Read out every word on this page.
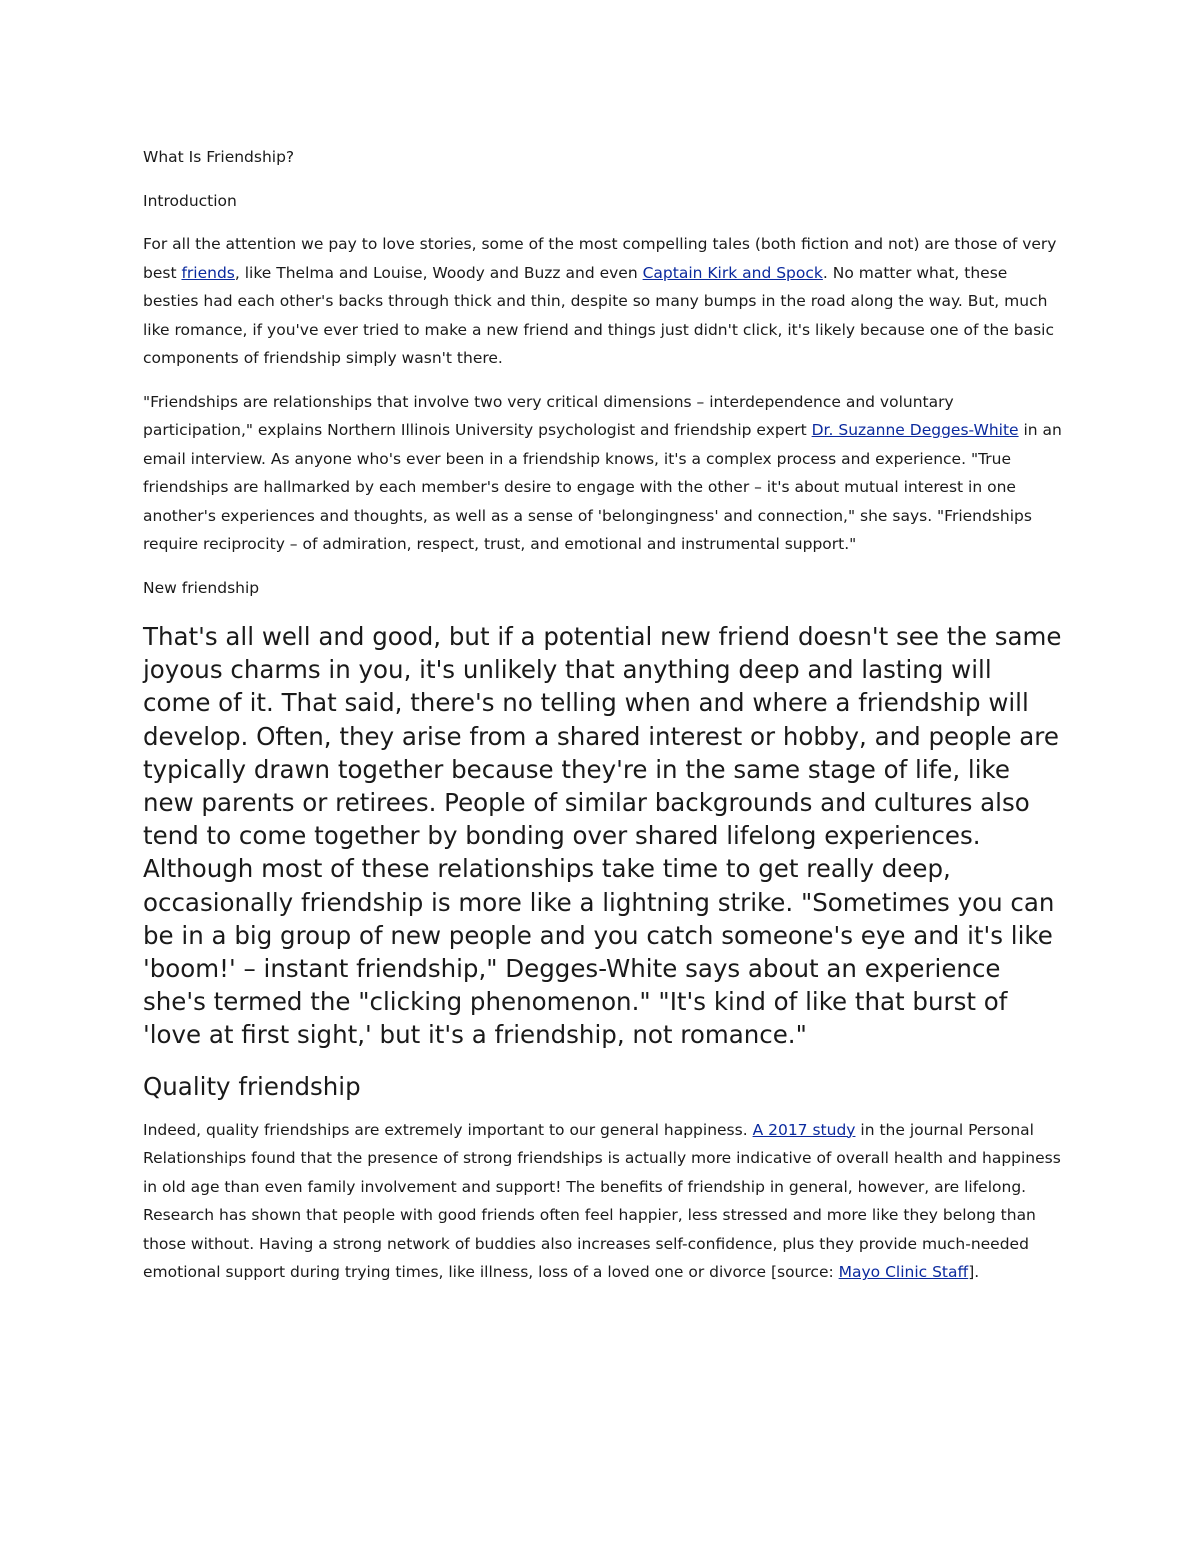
What Is Friendship?

Introduction

For all the attention we pay to love stories, some of the most compelling tales (both fiction and not) are those of very best friends, like Thelma and Louise, Woody and Buzz and even Captain Kirk and Spock. No matter what, these besties had each other's backs through thick and thin, despite so many bumps in the road along the way. But, much like romance, if you've ever tried to make a new friend and things just didn't click, it's likely because one of the basic components of friendship simply wasn't there.

"Friendships are relationships that involve two very critical dimensions – interdependence and voluntary participation," explains Northern Illinois University psychologist and friendship expert Dr. Suzanne Degges-White in an email interview. As anyone who's ever been in a friendship knows, it's a complex process and experience. "True friendships are hallmarked by each member's desire to engage with the other – it's about mutual interest in one another's experiences and thoughts, as well as a sense of 'belongingness' and connection," she says. "Friendships require reciprocity – of admiration, respect, trust, and emotional and instrumental support."

New friendship

That's all well and good, but if a potential new friend doesn't see the same joyous charms in you, it's unlikely that anything deep and lasting will come of it. That said, there's no telling when and where a friendship will develop. Often, they arise from a shared interest or hobby, and people are typically drawn together because they're in the same stage of life, like new parents or retirees. People of similar backgrounds and cultures also tend to come together by bonding over shared lifelong experiences. Although most of these relationships take time to get really deep, occasionally friendship is more like a lightning strike. "Sometimes you can be in a big group of new people and you catch someone's eye and it's like 'boom!' – instant friendship," Degges-White says about an experience she's termed the "clicking phenomenon." "It's kind of like that burst of 'love at first sight,' but it's a friendship, not romance."

Quality friendship

Indeed, quality friendships are extremely important to our general happiness. A 2017 study in the journal Personal Relationships found that the presence of strong friendships is actually more indicative of overall health and happiness in old age than even family involvement and support! The benefits of friendship in general, however, are lifelong. Research has shown that people with good friends often feel happier, less stressed and more like they belong than those without. Having a strong network of buddies also increases self-confidence, plus they provide much-needed emotional support during trying times, like illness, loss of a loved one or divorce [source: Mayo Clinic Staff].
